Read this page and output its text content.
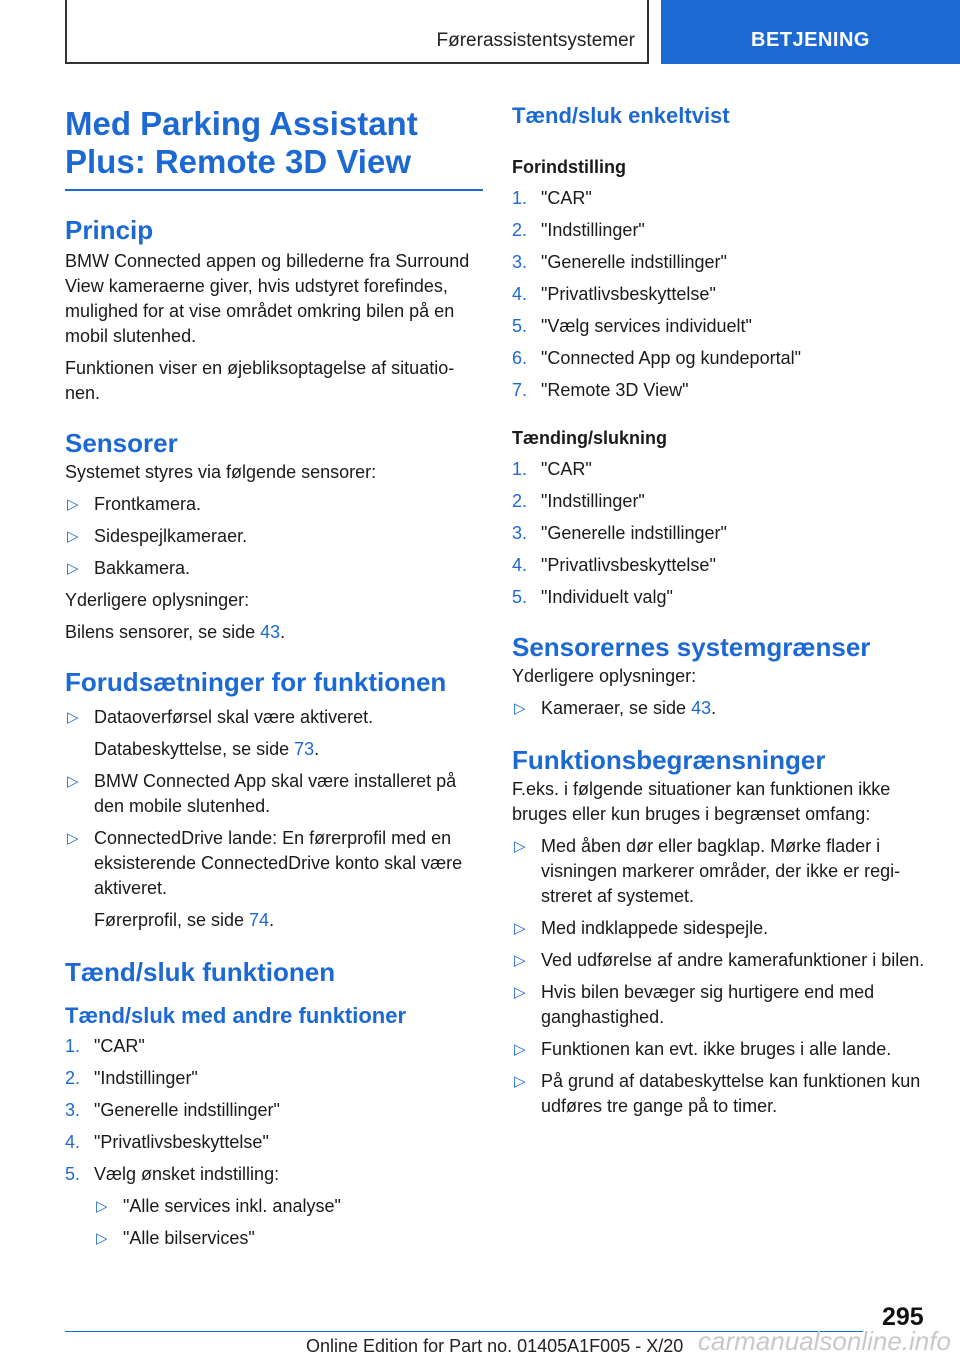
Førerassistentsystemer	BETJENING
Med Parking Assistant Plus: Remote 3D View
Princip

BMW Connected appen og billederne fra Surround View kameraerne giver, hvis udstyret forefindes, mulighed for at vise området omkring bilen på en mobil slutenhed.

Funktionen viser en øjebliksoptagelse af situationen.

Sensorer

Systemet styres via følgende sensorer:

▷ Frontkamera.
▷ Sidespejlkameraer.
▷ Bakkamera.

Yderligere oplysninger:

Bilens sensorer, se side 43.

Forudsætninger for funktionen
▷ Dataoverførsel skal være aktiveret.

Databeskyttelse, se side 73.

▷ BMW Connected App skal være installeret på den mobile slutenhed.
▷ ConnectedDrive lande: En førerprofil med en eksisterende ConnectedDrive konto skal være aktiveret.

Førerprofil, se side 74.

Tænd/sluk funktionen
Tænd/sluk med andre funktioner
1. "CAR"
2. "Indstillinger"
3. "Generelle indstillinger"
4. "Privatlivsbeskyttelse"
5. Vælg ønsket indstilling:
▷ "Alle services inkl. analyse"
▷ "Alle bilservices"
Tænd/sluk enkeltvist
Forindstilling
1. "CAR"
2. "Indstillinger"
3. "Generelle indstillinger"
4. "Privatlivsbeskyttelse"
5. "Vælg services individuelt"
6. "Connected App og kundeportal"
7. "Remote 3D View"
Tænding/slukning
1. "CAR"
2. "Indstillinger"
3. "Generelle indstillinger"
4. "Privatlivsbeskyttelse"
5. "Individuelt valg"
Sensorernes systemgrænser

Yderligere oplysninger:

▷ Kameraer, se side 43.
Funktionsbegrænsninger

F.eks. i følgende situationer kan funktionen ikke bruges eller kun bruges i begrænset omfang:

▷ Med åben dør eller bagklap. Mørke flader i visningen markerer områder, der ikke er registreret af systemet.
▷ Med indklappede sidespejle.
▷ Ved udførelse af andre kamerafunktioner i bilen.
▷ Hvis bilen bevæger sig hurtigere end med ganghastighed.
▷ Funktionen kan evt. ikke bruges i alle lande.
▷ På grund af databeskyttelse kan funktionen kun udføres tre gange på to timer.
295
Online Edition for Part no. 01405A1F005 - X/20 carmanualsonline.info
